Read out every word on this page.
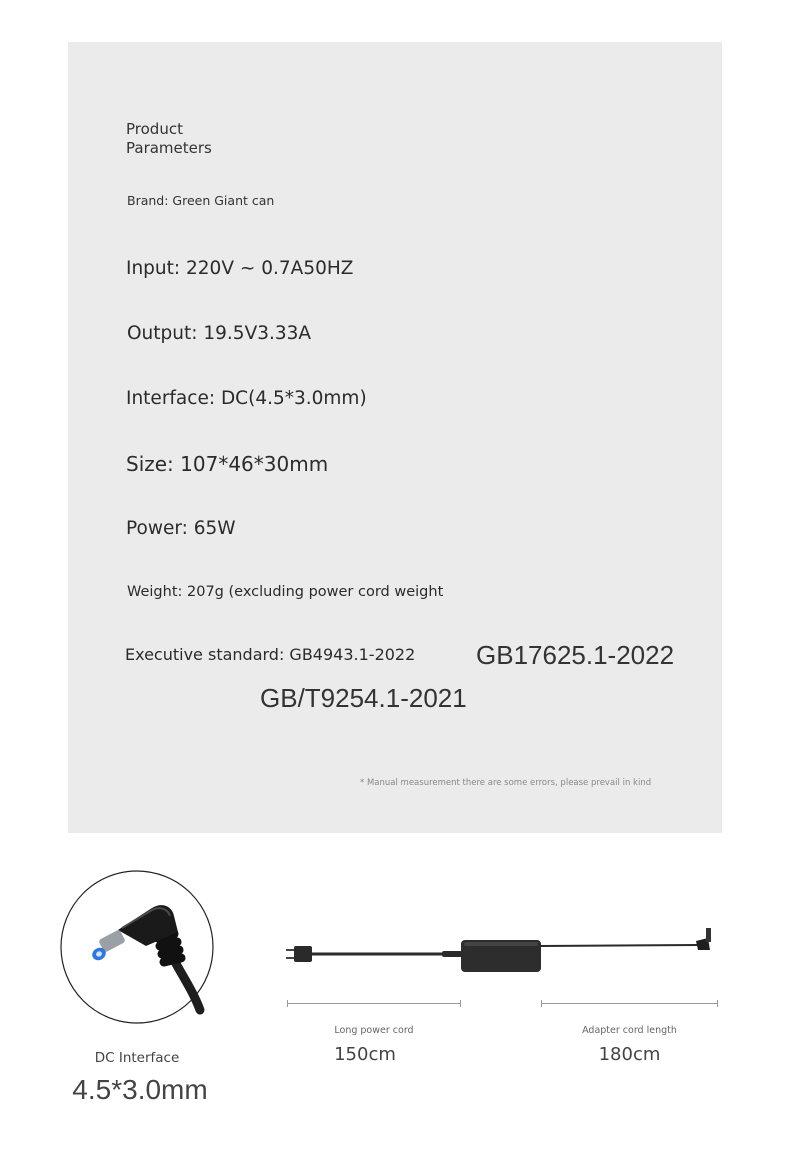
Product
Parameters
Brand: Green Giant can
Input: 220V ~ 0.7A50HZ
Output: 19.5V3.33A
Interface: DC(4.5*3.0mm)
Size: 107*46*30mm
Power: 65W
Weight: 207g (excluding power cord weight
Executive standard: GB4943.1-2022 GB17625.1-2022
GB/T9254.1-2021
* Manual measurement there are some errors, please prevail in kind
Long power cord
150cm
Adapter cord length
180cm
DC Interface
4.5*3.0mm
